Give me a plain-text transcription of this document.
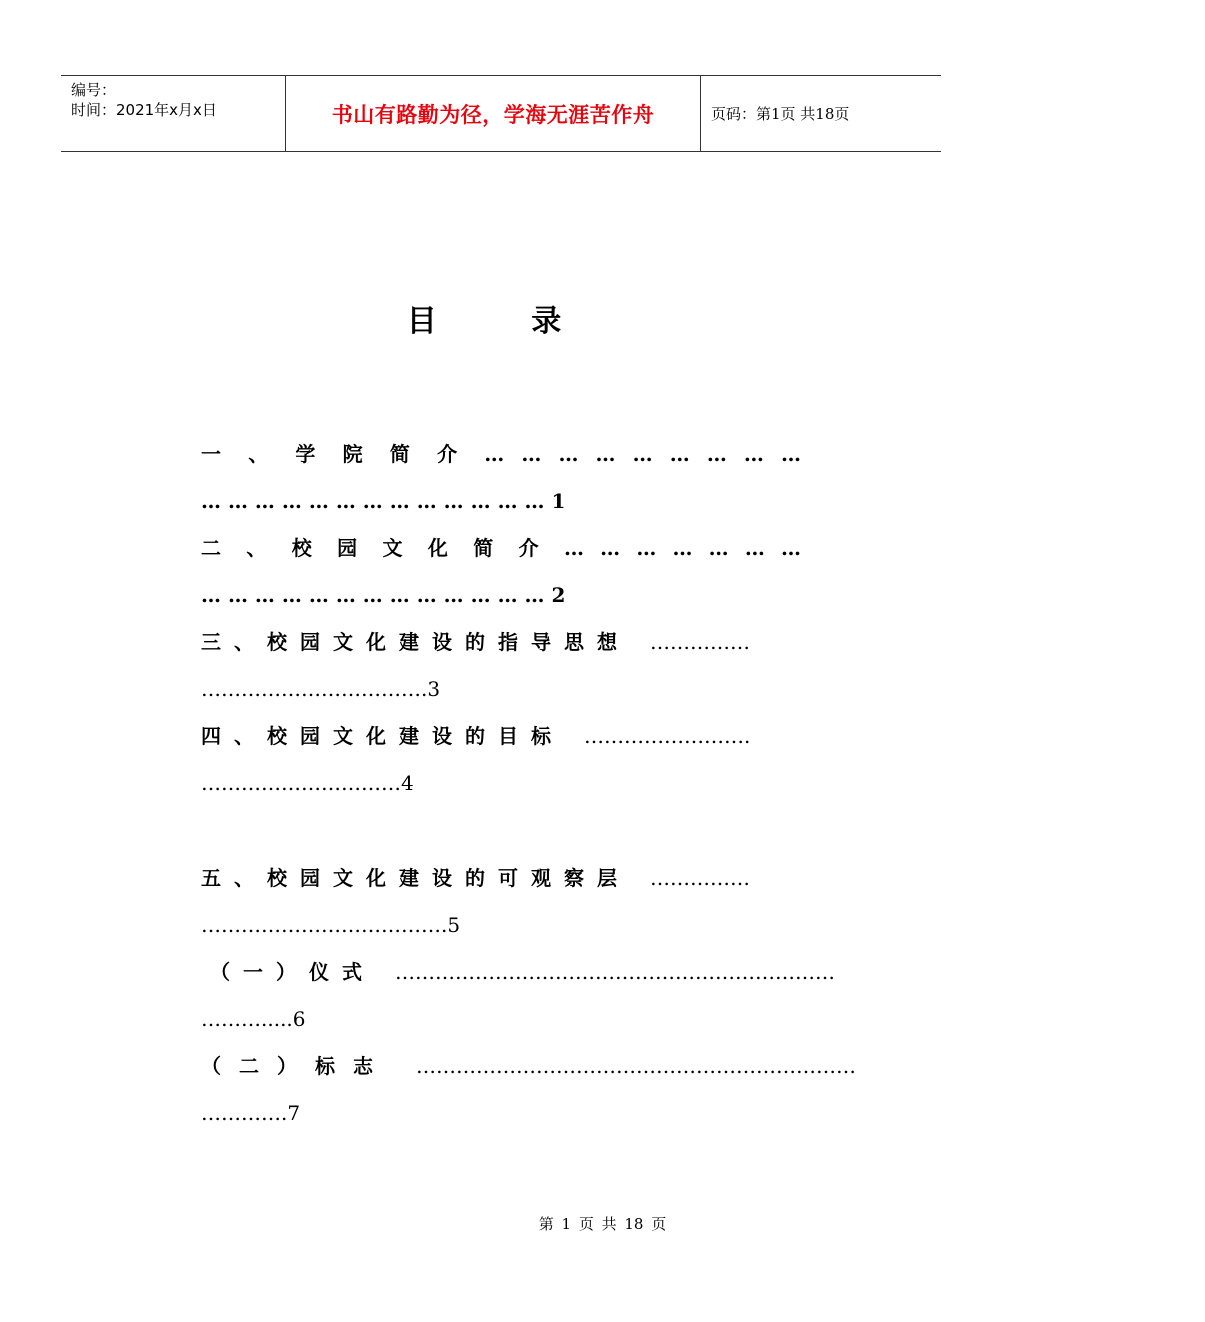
编号：
时间：2021年x月x日	书山有路勤为径，学海无涯苦作舟	页码：第1页 共18页
目 录
一 、 学 院 简 介 … … … … … … … … …
… … … … … … … … … … … … … 1
二 、 校 园 文 化 简 介 … … … … … … …
… … … … … … … … … … … … … 2
三、校园文化建设的指导思想 ……………
…………………………….3
四、校园文化建设的目标 …………………….
…………………………4
五、校园文化建设的可观察层 ……………
……………………………….5
（一）仪式 …………………………………………………………
……….....6
（二）标志 …………………………………………………………
………….7
第 1 页 共 18 页
